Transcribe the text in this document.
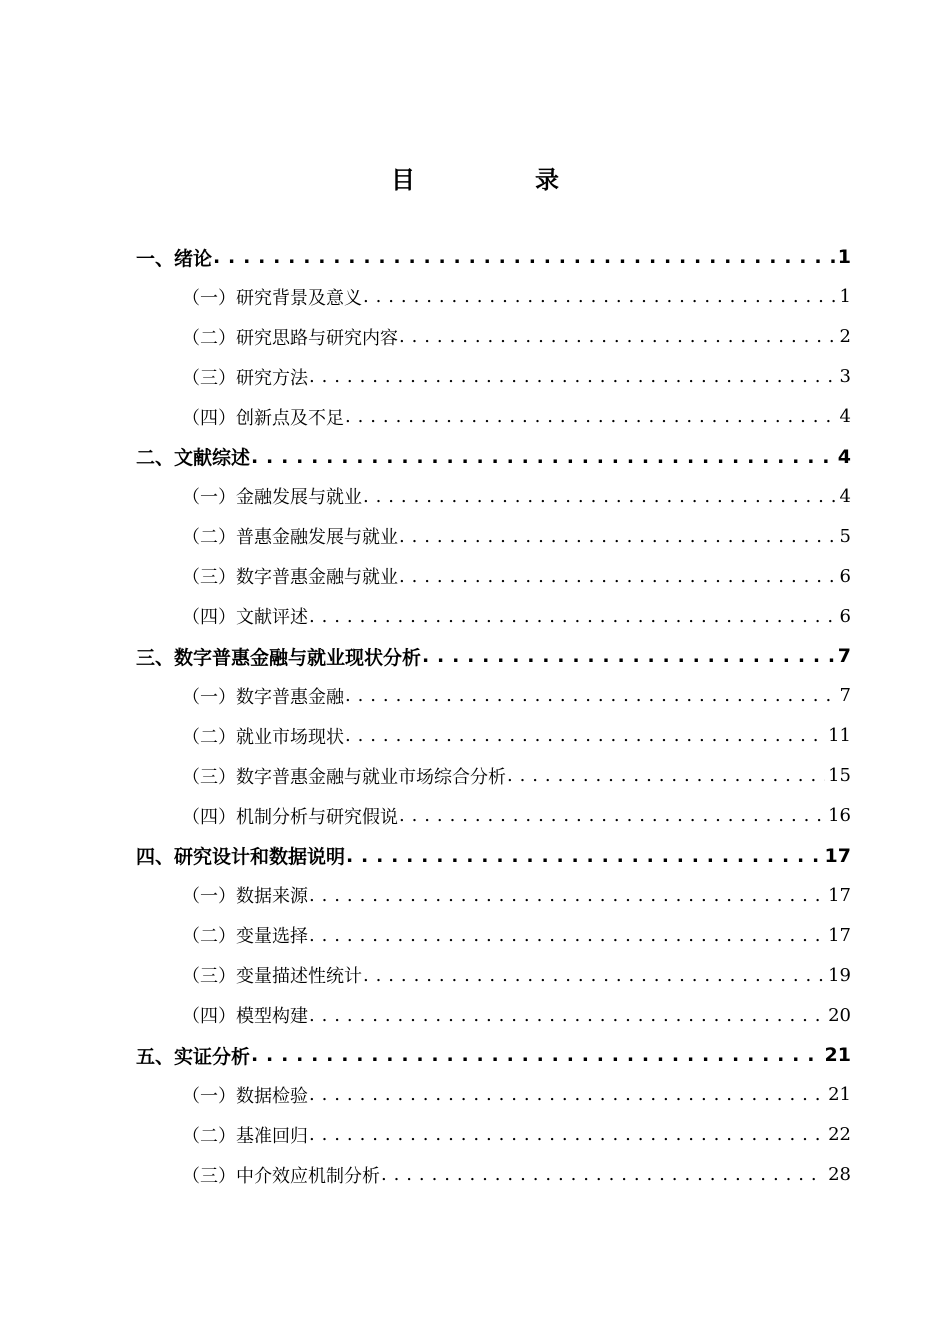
目　录
一、绪论 . . .	1
（一）研究背景及意义 . . .	1
（二）研究思路与研究内容 . . .	2
（三）研究方法 . . .	3
（四）创新点及不足 . . .	4
二、文献综述 . . .	4
（一）金融发展与就业 . . .	4
（二）普惠金融发展与就业 . . .	5
（三）数字普惠金融与就业 . . .	6
（四）文献评述 . . .	6
三、数字普惠金融与就业现状分析 . . .	7
（一）数字普惠金融 . . .	7
（二）就业市场现状 . . .	11
（三）数字普惠金融与就业市场综合分析 . . .	15
（四）机制分析与研究假说 . . .	16
四、研究设计和数据说明 . . .	17
（一）数据来源 . . .	17
（二）变量选择 . . .	17
（三）变量描述性统计 . . .	19
（四）模型构建 . . .	20
五、实证分析 . . .	21
（一）数据检验 . . .	21
（二）基准回归 . . .	22
（三）中介效应机制分析 . . .	28
